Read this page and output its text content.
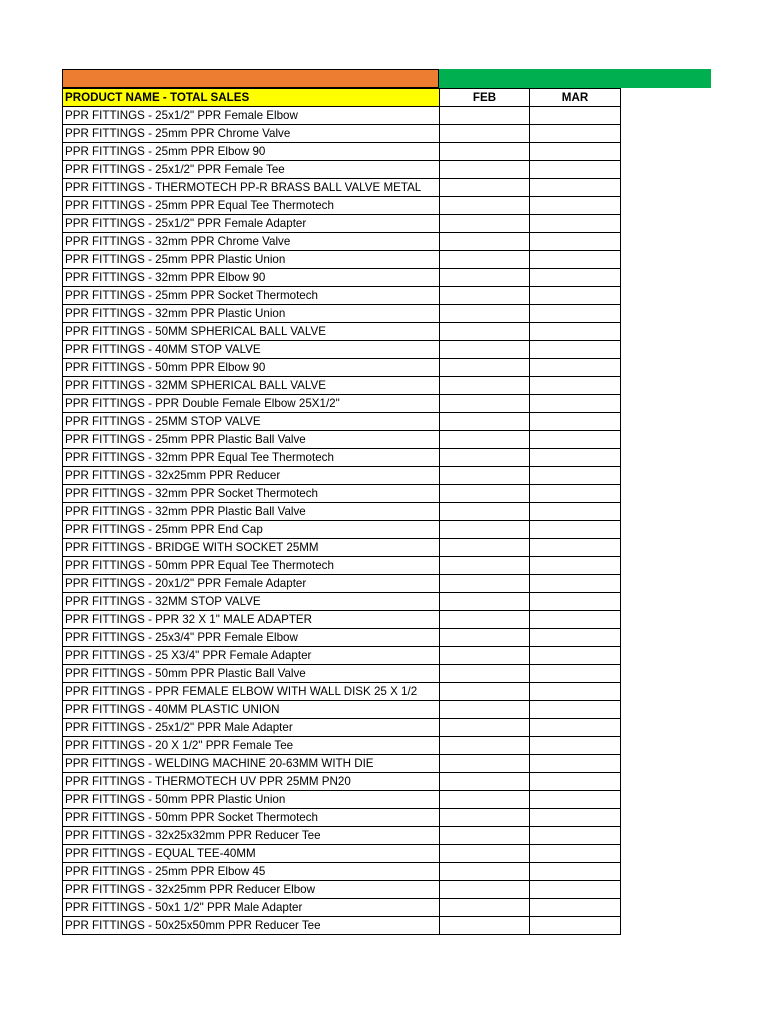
PRODUCT NAME - TOTAL SALES	FEB	MAR
PPR FITTINGS - 25x1/2" PPR Female Elbow		
PPR FITTINGS - 25mm PPR Chrome Valve		
PPR FITTINGS - 25mm PPR Elbow 90		
PPR FITTINGS - 25x1/2" PPR Female Tee		
PPR FITTINGS - THERMOTECH PP-R BRASS BALL VALVE METAL		
PPR FITTINGS - 25mm PPR Equal Tee Thermotech		
PPR FITTINGS - 25x1/2" PPR Female Adapter		
PPR FITTINGS - 32mm PPR Chrome Valve		
PPR FITTINGS - 25mm PPR Plastic Union		
PPR FITTINGS - 32mm PPR Elbow 90		
PPR FITTINGS - 25mm PPR Socket Thermotech		
PPR FITTINGS - 32mm PPR Plastic Union		
PPR FITTINGS - 50MM SPHERICAL BALL VALVE		
PPR FITTINGS - 40MM STOP VALVE		
PPR FITTINGS - 50mm PPR Elbow 90		
PPR FITTINGS - 32MM SPHERICAL BALL VALVE		
PPR FITTINGS - PPR Double Female Elbow 25X1/2"		
PPR FITTINGS - 25MM STOP VALVE		
PPR FITTINGS - 25mm PPR Plastic Ball Valve		
PPR FITTINGS - 32mm PPR Equal Tee Thermotech		
PPR FITTINGS - 32x25mm PPR Reducer		
PPR FITTINGS - 32mm PPR Socket Thermotech		
PPR FITTINGS - 32mm PPR Plastic Ball Valve		
PPR FITTINGS - 25mm PPR End Cap		
PPR FITTINGS - BRIDGE WITH SOCKET 25MM		
PPR FITTINGS - 50mm PPR Equal Tee Thermotech		
PPR FITTINGS - 20x1/2" PPR Female Adapter		
PPR FITTINGS - 32MM STOP VALVE		
PPR FITTINGS - PPR 32 X 1" MALE ADAPTER		
PPR FITTINGS - 25x3/4" PPR Female Elbow		
PPR FITTINGS - 25 X3/4" PPR Female Adapter		
PPR FITTINGS - 50mm PPR Plastic Ball Valve		
PPR FITTINGS - PPR FEMALE ELBOW WITH WALL DISK 25 X 1/2		
PPR FITTINGS - 40MM PLASTIC UNION		
PPR FITTINGS - 25x1/2" PPR Male Adapter		
PPR FITTINGS - 20 X 1/2" PPR Female Tee		
PPR FITTINGS - WELDING MACHINE 20-63MM WITH DIE		
PPR FITTINGS - THERMOTECH UV PPR 25MM PN20		
PPR FITTINGS - 50mm PPR Plastic Union		
PPR FITTINGS - 50mm PPR Socket Thermotech		
PPR FITTINGS - 32x25x32mm PPR Reducer Tee		
PPR FITTINGS - EQUAL TEE-40MM		
PPR FITTINGS - 25mm PPR Elbow 45		
PPR FITTINGS - 32x25mm PPR Reducer Elbow		
PPR FITTINGS - 50x1 1/2" PPR Male Adapter		
PPR FITTINGS - 50x25x50mm PPR Reducer Tee		
